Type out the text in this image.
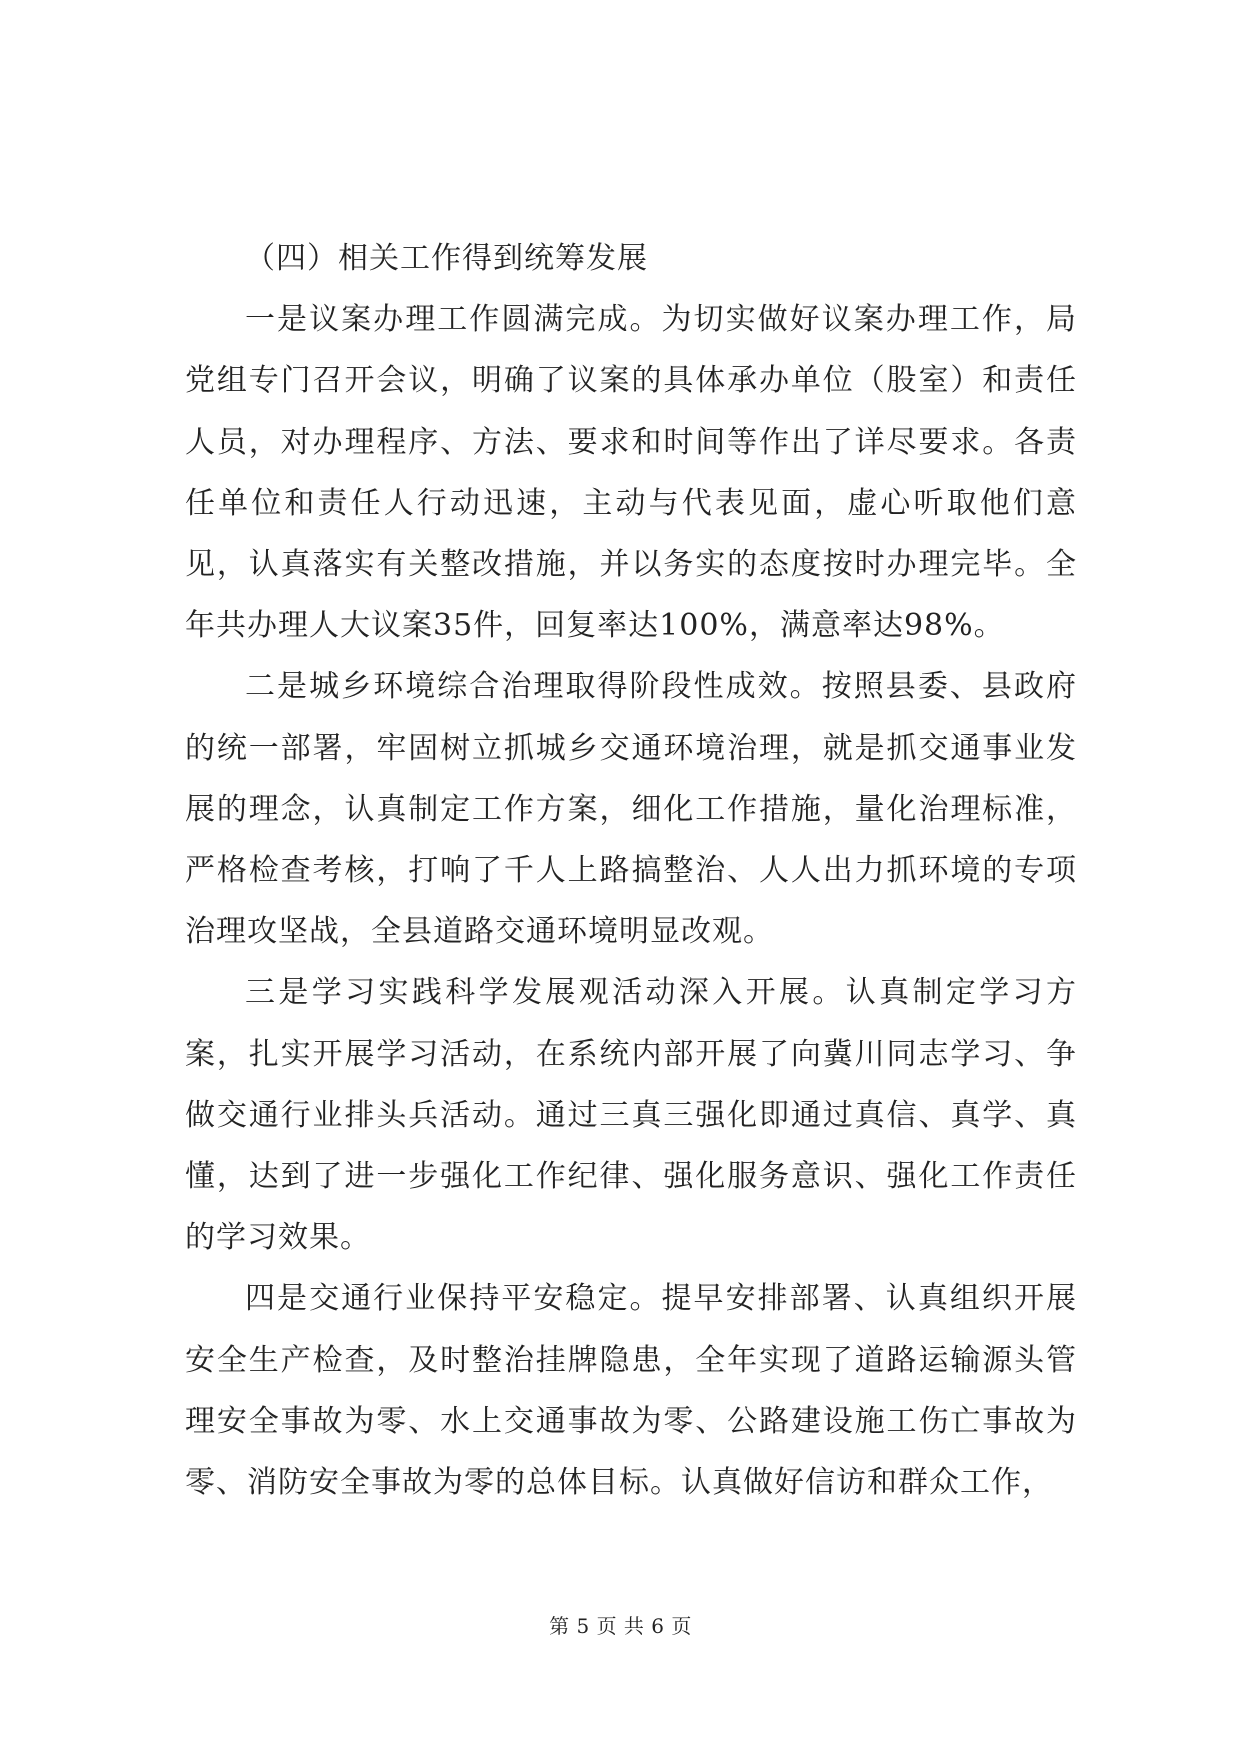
（四）相关工作得到统筹发展

一是议案办理工作圆满完成。为切实做好议案办理工作，局党组专门召开会议，明确了议案的具体承办单位（股室）和责任人员，对办理程序、方法、要求和时间等作出了详尽要求。各责任单位和责任人行动迅速，主动与代表见面，虚心听取他们意见，认真落实有关整改措施，并以务实的态度按时办理完毕。全年共办理人大议案35件，回复率达100%，满意率达98%。

二是城乡环境综合治理取得阶段性成效。按照县委、县政府的统一部署，牢固树立抓城乡交通环境治理，就是抓交通事业发展的理念，认真制定工作方案，细化工作措施，量化治理标准，严格检查考核，打响了千人上路搞整治、人人出力抓环境的专项治理攻坚战，全县道路交通环境明显改观。

三是学习实践科学发展观活动深入开展。认真制定学习方案，扎实开展学习活动，在系统内部开展了向冀川同志学习、争做交通行业排头兵活动。通过三真三强化即通过真信、真学、真懂，达到了进一步强化工作纪律、强化服务意识、强化工作责任的学习效果。

四是交通行业保持平安稳定。提早安排部署、认真组织开展安全生产检查，及时整治挂牌隐患，全年实现了道路运输源头管理安全事故为零、水上交通事故为零、公路建设施工伤亡事故为零、消防安全事故为零的总体目标。认真做好信访和群众工作，

第 5 页 共 6 页
